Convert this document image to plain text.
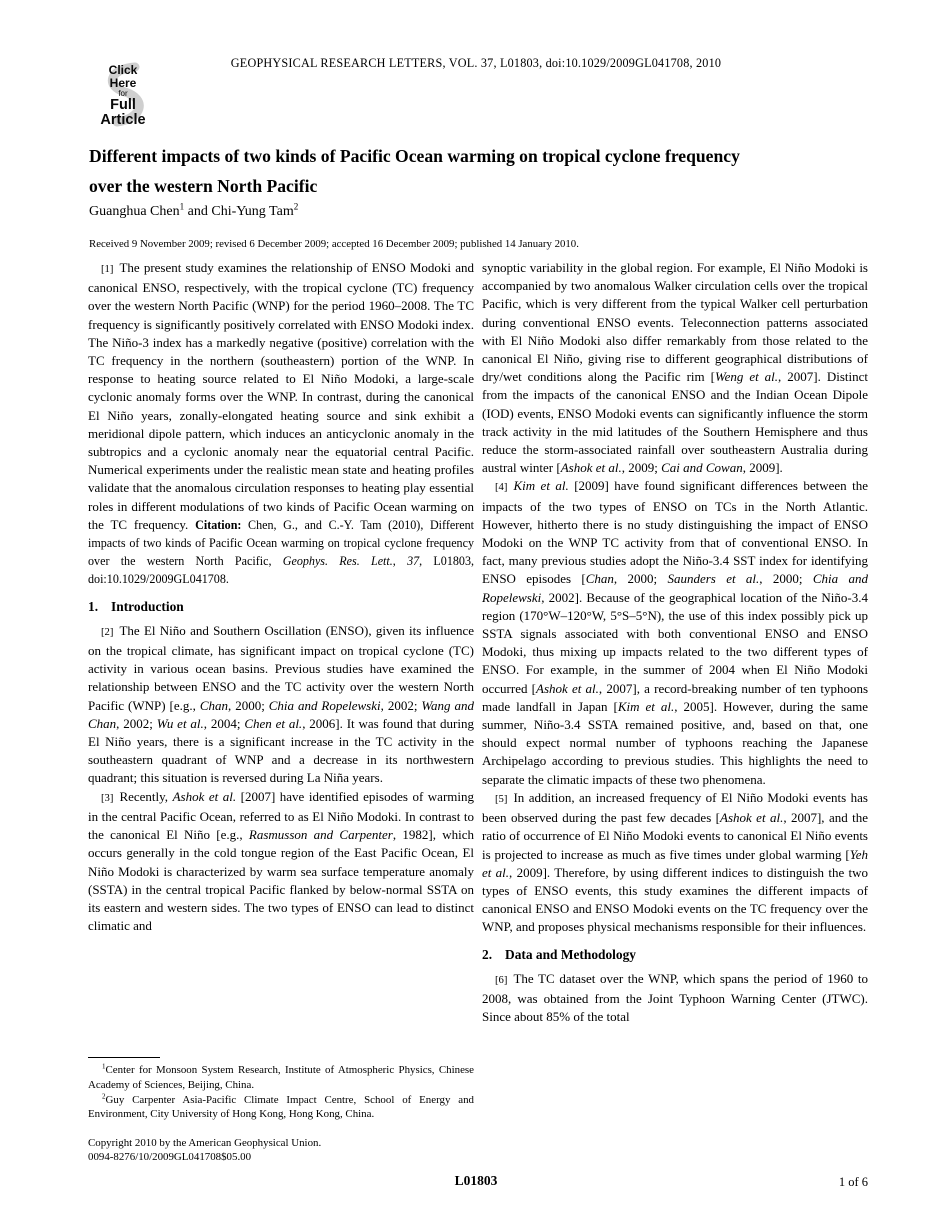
GEOPHYSICAL RESEARCH LETTERS, VOL. 37, L01803, doi:10.1029/2009GL041708, 2010
Click
Here
for
Full
Article
Different impacts of two kinds of Pacific Ocean warming on tropical cyclone frequency over the western North Pacific
Guanghua Chen$^1$ and Chi-Yung Tam$^2$
Received 9 November 2009; revised 6 December 2009; accepted 16 December 2009; published 14 January 2010.

[1] The present study examines the relationship of ENSO Modoki and canonical ENSO, respectively, with the tropical cyclone (TC) frequency over the western North Pacific (WNP) for the period 1960–2008. The TC frequency is significantly positively correlated with ENSO Modoki index. The Niño-3 index has a markedly negative (positive) correlation with the TC frequency in the northern (southeastern) portion of the WNP. In response to heating source related to El Niño Modoki, a large-scale cyclonic anomaly forms over the WNP. In contrast, during the canonical El Niño years, zonally-elongated heating source and sink exhibit a meridional dipole pattern, which induces an anticyclonic anomaly in the subtropics and a cyclonic anomaly near the equatorial central Pacific. Numerical experiments under the realistic mean state and heating profiles validate that the anomalous circulation responses to heating play essential roles in different modulations of two kinds of Pacific Ocean warming on the TC frequency. Citation: Chen, G., and C.-Y. Tam (2010), Different impacts of two kinds of Pacific Ocean warming on tropical cyclone frequency over the western North Pacific, Geophys. Res. Lett., 37, L01803, doi:10.1029/2009GL041708.

1. Introduction

[2] The El Niño and Southern Oscillation (ENSO), given its influence on the tropical climate, has significant impact on tropical cyclone (TC) activity in various ocean basins. Previous studies have examined the relationship between ENSO and the TC activity over the western North Pacific (WNP) [e.g., Chan, 2000; Chia and Ropelewski, 2002; Wang and Chan, 2002; Wu et al., 2004; Chen et al., 2006]. It was found that during El Niño years, there is a significant increase in the TC activity in the southeastern quadrant of WNP and a decrease in its northwestern quadrant; this situation is reversed during La Niña years.

[3] Recently, Ashok et al. [2007] have identified episodes of warming in the central Pacific Ocean, referred to as El Niño Modoki. In contrast to the canonical El Niño [e.g., Rasmusson and Carpenter, 1982], which occurs generally in the cold tongue region of the East Pacific Ocean, El Niño Modoki is characterized by warm sea surface temperature anomaly (SSTA) in the central tropical Pacific flanked by below-normal SSTA on its eastern and western sides. The two types of ENSO can lead to distinct climatic and

$^1$Center for Monsoon System Research, Institute of Atmospheric Physics, Chinese Academy of Sciences, Beijing, China.

$^2$Guy Carpenter Asia-Pacific Climate Impact Centre, School of Energy and Environment, City University of Hong Kong, Hong Kong, China.

Copyright 2010 by the American Geophysical Union.

0094-8276/10/2009GL041708$05.00

synoptic variability in the global region. For example, El Niño Modoki is accompanied by two anomalous Walker circulation cells over the tropical Pacific, which is very different from the typical Walker cell perturbation during conventional ENSO events. Teleconnection patterns associated with El Niño Modoki also differ remarkably from those related to the canonical El Niño, giving rise to different geographical distributions of dry/wet conditions along the Pacific rim [Weng et al., 2007]. Distinct from the impacts of the canonical ENSO and the Indian Ocean Dipole (IOD) events, ENSO Modoki events can significantly influence the storm track activity in the mid latitudes of the Southern Hemisphere and thus reduce the storm-associated rainfall over southeastern Australia during austral winter [Ashok et al., 2009; Cai and Cowan, 2009].

[4] Kim et al. [2009] have found significant differences between the impacts of the two types of ENSO on TCs in the North Atlantic. However, hitherto there is no study distinguishing the impact of ENSO Modoki on the WNP TC activity from that of conventional ENSO. In fact, many previous studies adopt the Niño-3.4 SST index for identifying ENSO episodes [Chan, 2000; Saunders et al., 2000; Chia and Ropelewski, 2002]. Because of the geographical location of the Niño-3.4 region (170°W–120°W, 5°S–5°N), the use of this index possibly pick up SSTA signals associated with both conventional ENSO and ENSO Modoki, thus mixing up impacts related to the two different types of ENSO. For example, in the summer of 2004 when El Niño Modoki occurred [Ashok et al., 2007], a record-breaking number of ten typhoons made landfall in Japan [Kim et al., 2005]. However, during the same summer, Niño-3.4 SSTA remained positive, and, based on that, one should expect normal number of typhoons reaching the Japanese Archipelago according to previous studies. This highlights the need to separate the climatic impacts of these two phenomena.

[5] In addition, an increased frequency of El Niño Modoki events has been observed during the past few decades [Ashok et al., 2007], and the ratio of occurrence of El Niño Modoki events to canonical El Niño events is projected to increase as much as five times under global warming [Yeh et al., 2009]. Therefore, by using different indices to distinguish the two types of ENSO events, this study examines the different impacts of canonical ENSO and ENSO Modoki events on the TC frequency over the WNP, and proposes physical mechanisms responsible for their influences.

2. Data and Methodology

[6] The TC dataset over the WNP, which spans the period of 1960 to 2008, was obtained from the Joint Typhoon Warning Center (JTWC). Since about 85% of the total

L01803	1 of 6
